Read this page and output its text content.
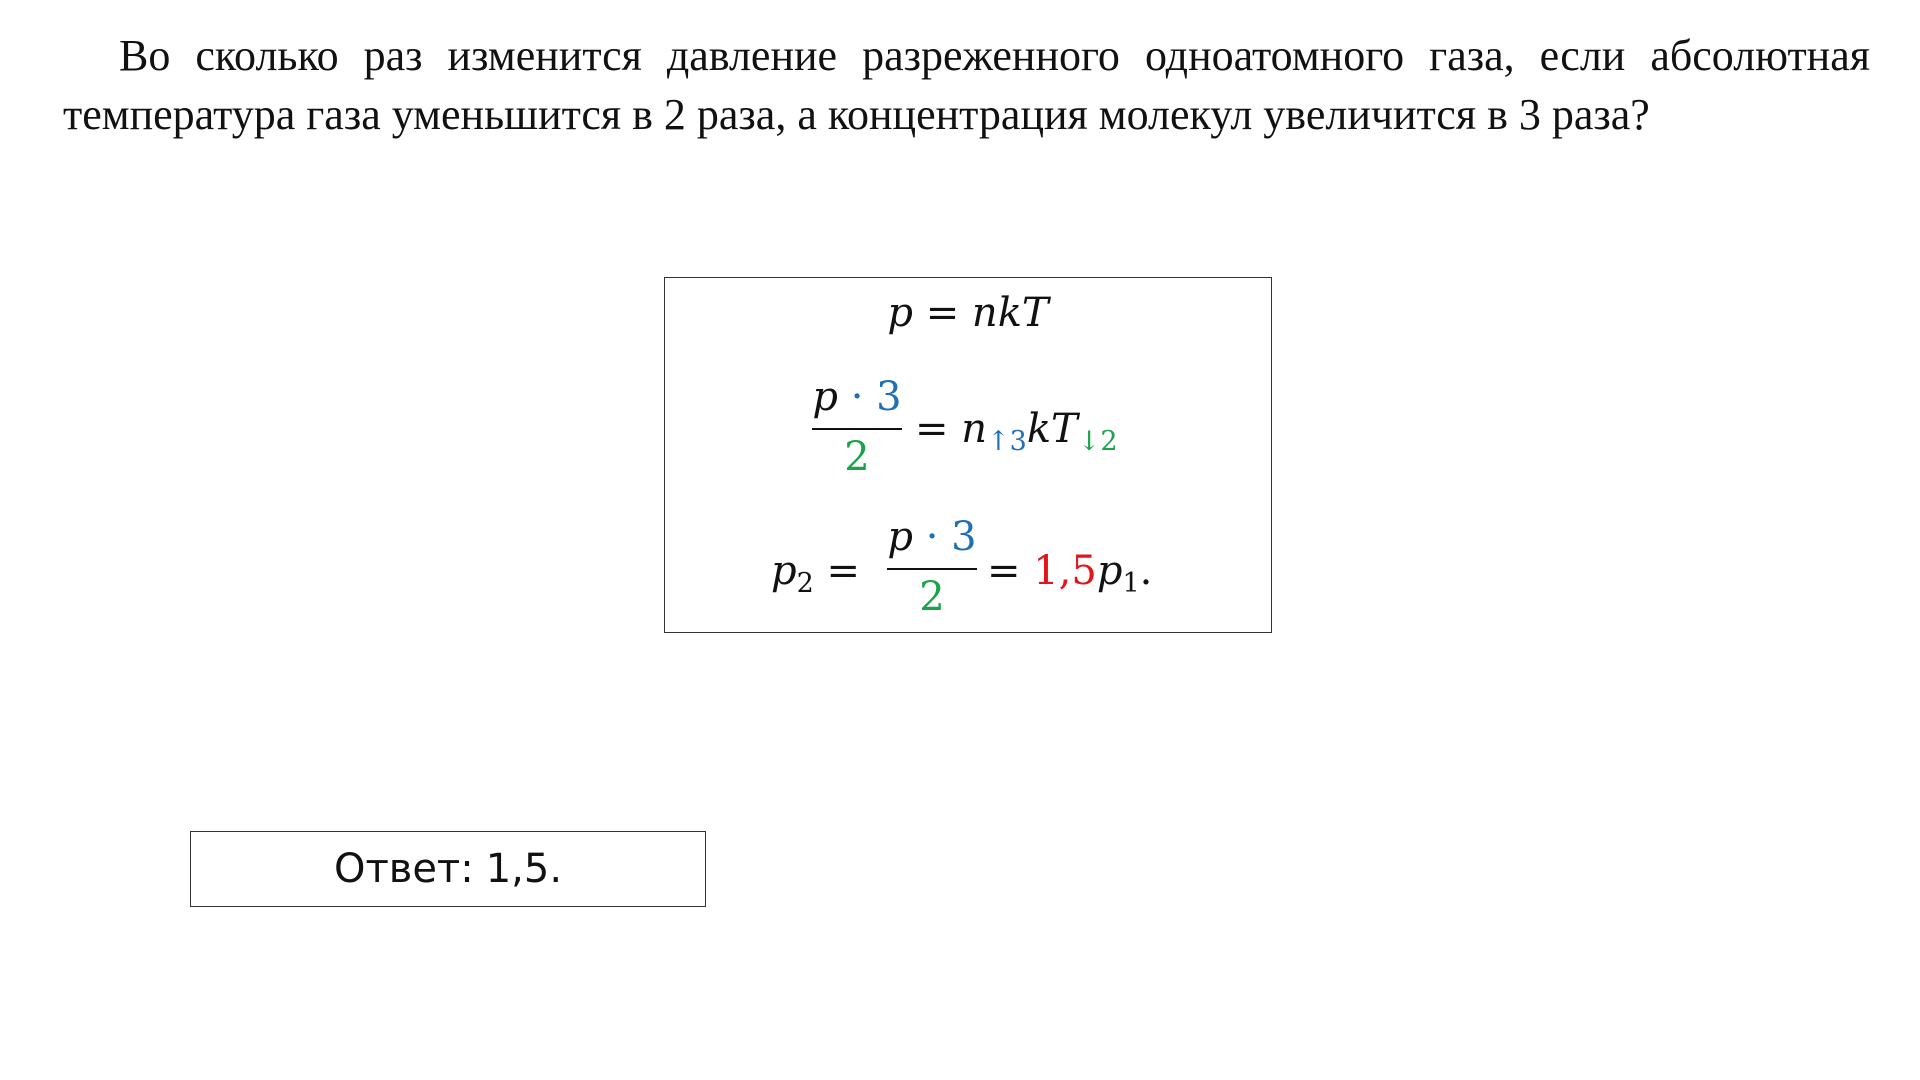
Во сколько раз изменится давление разреженного одноатомного газа, если абсолютная температура газа уменьшится в 2 раза, а концентрация молекул увеличится в 3 раза?

p = nkT
p · 3
2
= $n_{↑3}kT_{↓2}$
$p_2$ =
p · 3
2
= $1,5p_1$.
Ответ: 1,5.
